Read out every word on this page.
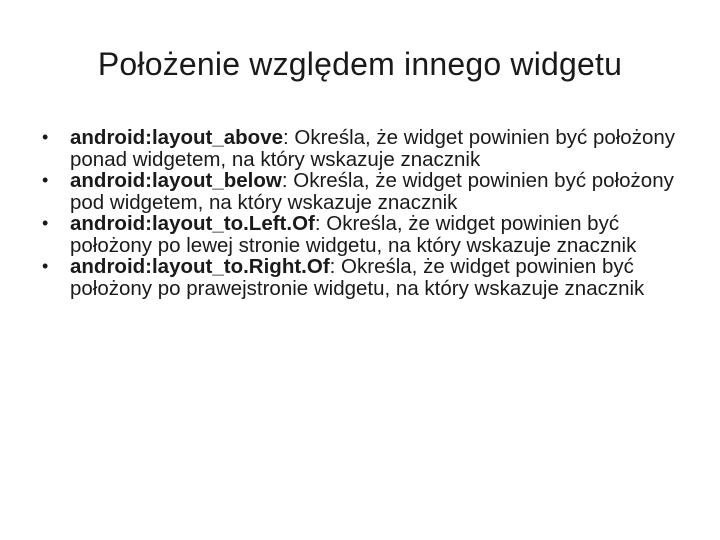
Położenie względem innego widgetu
• android:layout_above: Określa, że widget powinien być położony ponad widgetem, na który wskazuje znacznik
• android:layout_below: Określa, że widget powinien być położony pod widgetem, na który wskazuje znacznik
• android:layout_to.Left.Of: Określa, że widget powinien być położony po lewej stronie widgetu, na który wskazuje znacznik
• android:layout_to.Right.Of: Określa, że widget powinien być położony po prawejstronie widgetu, na który wskazuje znacznik
